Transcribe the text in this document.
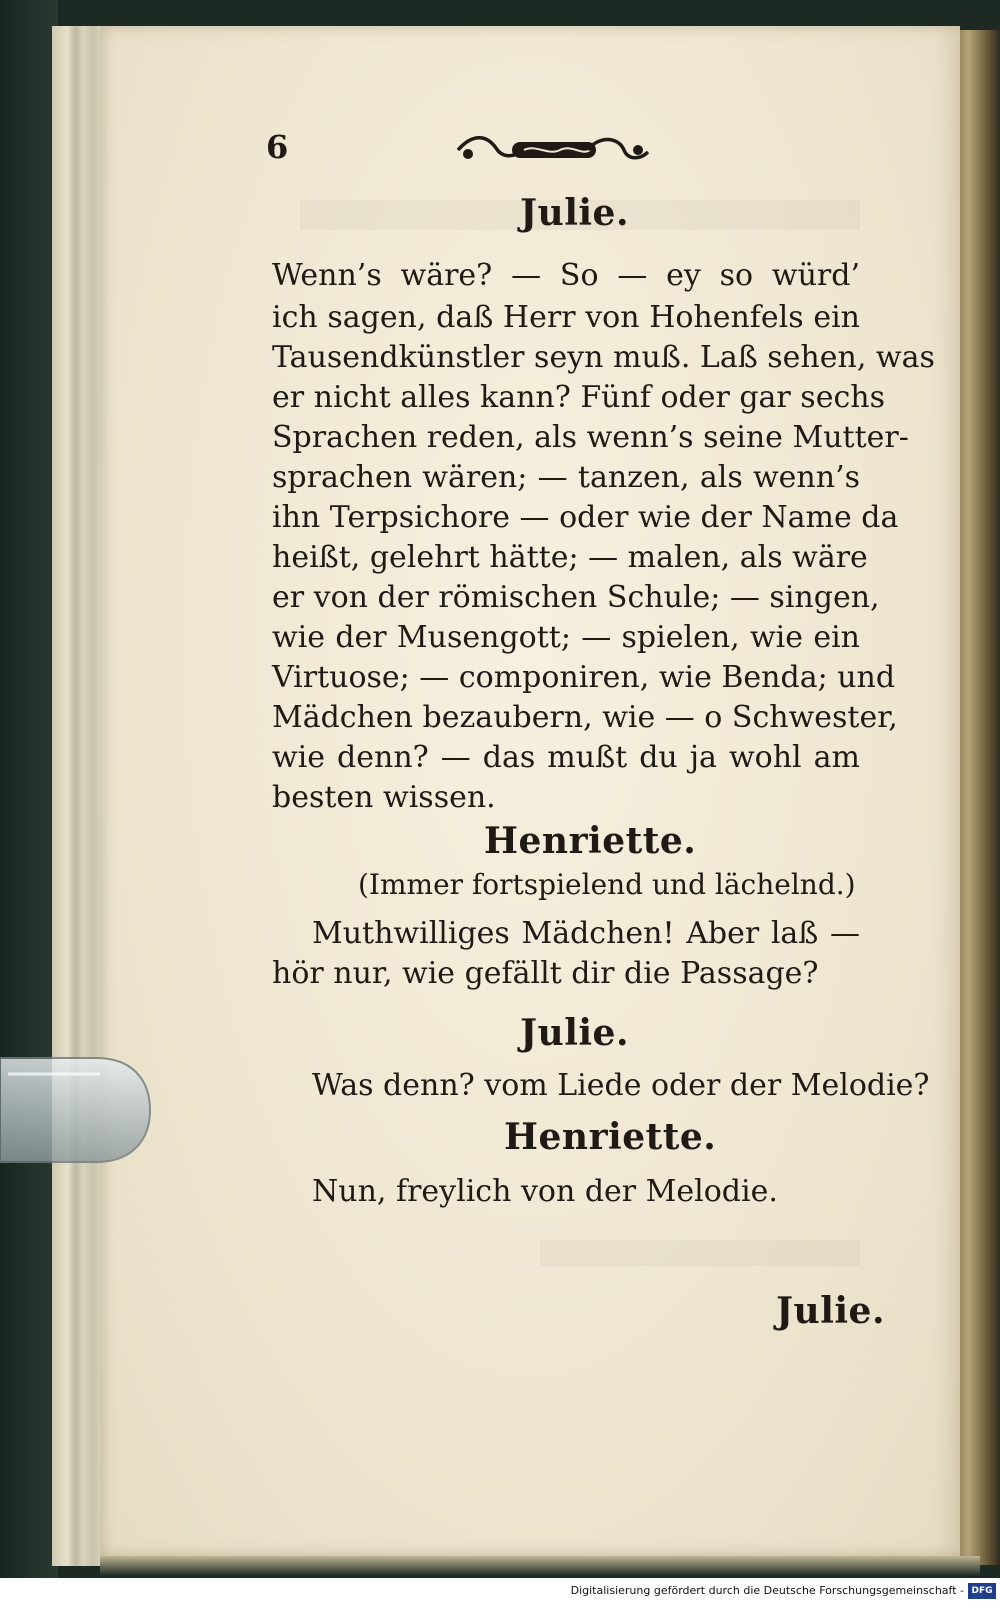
6
Julie.
Wenn’s wäre? — So — ey so würd’
ich sagen, daß Herr von Hohenfels ein
Tausendkünstler seyn muß. Laß sehen, was
er nicht alles kann? Fünf oder gar sechs
Sprachen reden, als wenn’s seine Mutter-
sprachen wären; — tanzen, als wenn’s
ihn Terpsichore — oder wie der Name da
heißt, gelehrt hätte; — malen, als wäre
er von der römischen Schule; — singen,
wie der Musengott; — spielen, wie ein
Virtuose; — componiren, wie Benda; und
Mädchen bezaubern, wie — o Schwester,
wie denn? — das mußt du ja wohl am
besten wissen.
Henriette.
(Immer fortspielend und lächelnd.)
Muthwilliges Mädchen! Aber laß —
hör nur, wie gefällt dir die Passage?
Julie.
Was denn? vom Liede oder der Melodie?
Henriette.
Nun, freylich von der Melodie.
Julie.
Digitalisierung gefördert durch die Deutsche Forschungsgemeinschaft - DFG
